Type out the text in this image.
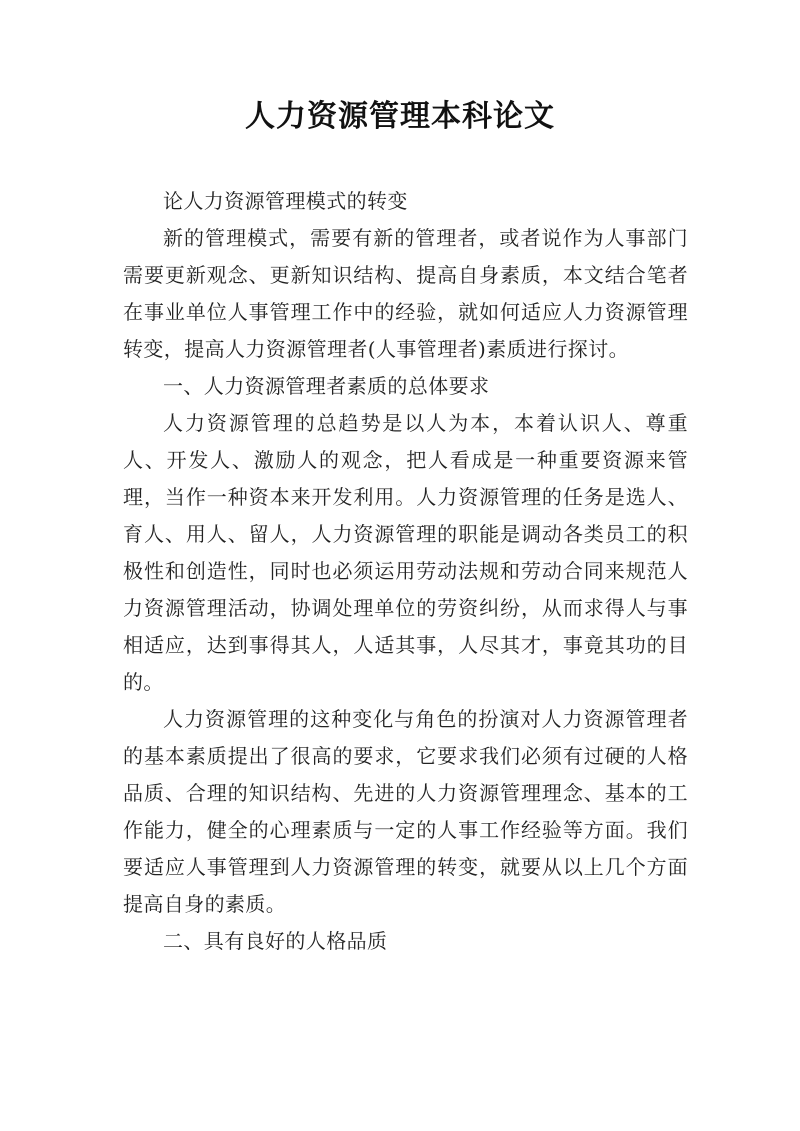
人力资源管理本科论文

论人力资源管理模式的转变

新的管理模式，需要有新的管理者，或者说作为人事部门需要更新观念、更新知识结构、提高自身素质，本文结合笔者在事业单位人事管理工作中的经验，就如何适应人力资源管理转变，提高人力资源管理者(人事管理者)素质进行探讨。

一、人力资源管理者素质的总体要求

人力资源管理的总趋势是以人为本，本着认识人、尊重人、开发人、激励人的观念，把人看成是一种重要资源来管理，当作一种资本来开发利用。人力资源管理的任务是选人、育人、用人、留人，人力资源管理的职能是调动各类员工的积极性和创造性，同时也必须运用劳动法规和劳动合同来规范人力资源管理活动，协调处理单位的劳资纠纷，从而求得人与事相适应，达到事得其人，人适其事，人尽其才，事竟其功的目的。

人力资源管理的这种变化与角色的扮演对人力资源管理者的基本素质提出了很高的要求，它要求我们必须有过硬的人格品质、合理的知识结构、先进的人力资源管理理念、基本的工作能力，健全的心理素质与一定的人事工作经验等方面。我们要适应人事管理到人力资源管理的转变，就要从以上几个方面提高自身的素质。

二、具有良好的人格品质
